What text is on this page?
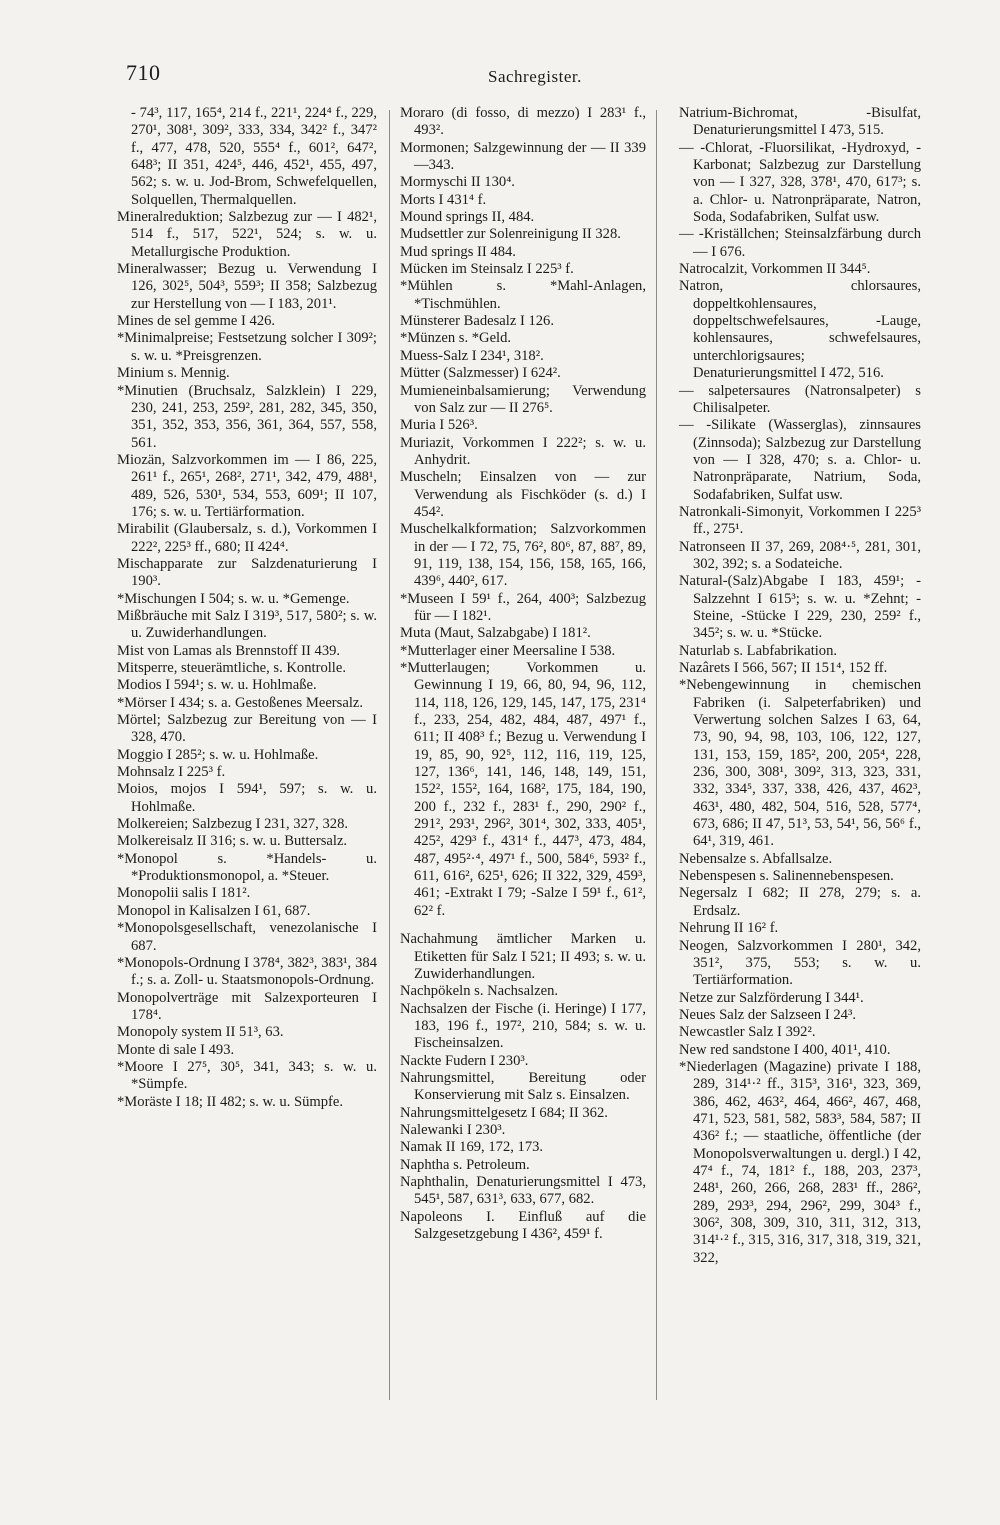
710	Sachregister.

- 74³, 117, 165⁴, 214 f., 221¹, 224⁴ f., 229, 270¹, 308¹, 309², 333, 334, 342² f., 347² f., 477, 478, 520, 555⁴ f., 601², 647², 648³; II 351, 424⁵, 446, 452¹, 455, 497, 562; s. w. u. Jod-Brom, Schwefelquellen, Solquellen, Thermalquellen.

Mineralreduktion; Salzbezug zur — I 482¹, 514 f., 517, 522¹, 524; s. w. u. Metallurgische Produktion.

Mineralwasser; Bezug u. Verwendung I 126, 302⁵, 504³, 559³; II 358; Salzbezug zur Herstellung von — I 183, 201¹.

Mines de sel gemme I 426.

*Minimalpreise; Festsetzung solcher I 309²; s. w. u. *Preisgrenzen.

Minium s. Mennig.

*Minutien (Bruchsalz, Salzklein) I 229, 230, 241, 253, 259², 281, 282, 345, 350, 351, 352, 353, 356, 361, 364, 557, 558, 561.

Miozän, Salzvorkommen im — I 86, 225, 261¹ f., 265¹, 268², 271¹, 342, 479, 488¹, 489, 526, 530¹, 534, 553, 609¹; II 107, 176; s. w. u. Tertiärformation.

Mirabilit (Glaubersalz, s. d.), Vorkommen I 222², 225³ ff., 680; II 424⁴.

Mischapparate zur Salzdenaturierung I 190³.

*Mischungen I 504; s. w. u. *Gemenge.

Mißbräuche mit Salz I 319³, 517, 580²; s. w. u. Zuwiderhandlungen.

Mist von Lamas als Brennstoff II 439.

Mitsperre, steuerämtliche, s. Kontrolle.

Modios I 594¹; s. w. u. Hohlmaße.

*Mörser I 434; s. a. Gestoßenes Meersalz.

Mörtel; Salzbezug zur Bereitung von — I 328, 470.

Moggio I 285²; s. w. u. Hohlmaße.

Mohnsalz I 225³ f.

Moios, mojos I 594¹, 597; s. w. u. Hohlmaße.

Molkereien; Salzbezug I 231, 327, 328.

Molkereisalz II 316; s. w. u. Buttersalz.

*Monopol s. *Handels- u. *Produktionsmonopol, a. *Steuer.

Monopolii salis I 181².

Monopol in Kalisalzen I 61, 687.

*Monopolsgesellschaft, venezolanische I 687.

*Monopols-Ordnung I 378⁴, 382³, 383¹, 384 f.; s. a. Zoll- u. Staatsmonopols-Ordnung.

Monopolverträge mit Salzexporteuren I 178⁴.

Monopoly system II 51³, 63.

Monte di sale I 493.

*Moore I 27⁵, 30⁵, 341, 343; s. w. u. *Sümpfe.

*Moräste I 18; II 482; s. w. u. Sümpfe.

Moraro (di fosso, di mezzo) I 283¹ f., 493².

Mormonen; Salzgewinnung der — II 339—343.

Mormyschi II 130⁴.

Morts I 431⁴ f.

Mound springs II, 484.

Mudsettler zur Solenreinigung II 328.

Mud springs II 484.

Mücken im Steinsalz I 225³ f.

*Mühlen s. *Mahl-Anlagen, *Tischmühlen.

Münsterer Badesalz I 126.

*Münzen s. *Geld.

Muess-Salz I 234¹, 318².

Mütter (Salzmesser) I 624².

Mumieneinbalsamierung; Verwendung von Salz zur — II 276⁵.

Muria I 526³.

Muriazit, Vorkommen I 222²; s. w. u. Anhydrit.

Muscheln; Einsalzen von — zur Verwendung als Fischköder (s. d.) I 454².

Muschelkalkformation; Salzvorkommen in der — I 72, 75, 76², 80⁶, 87, 88⁷, 89, 91, 119, 138, 154, 156, 158, 165, 166, 439⁶, 440², 617.

*Museen I 59¹ f., 264, 400³; Salzbezug für — I 182¹.

Muta (Maut, Salzabgabe) I 181².

*Mutterlager einer Meersaline I 538.

*Mutterlaugen; Vorkommen u. Gewinnung I 19, 66, 80, 94, 96, 112, 114, 118, 126, 129, 145, 147, 175, 231⁴ f., 233, 254, 482, 484, 487, 497¹ f., 611; II 408³ f.; Bezug u. Verwendung I 19, 85, 90, 92⁵, 112, 116, 119, 125, 127, 136⁶, 141, 146, 148, 149, 151, 152², 155², 164, 168², 175, 184, 190, 200 f., 232 f., 283¹ f., 290, 290² f., 291², 293¹, 296², 301⁴, 302, 333, 405¹, 425², 429³ f., 431⁴ f., 447³, 473, 484, 487, 495²·⁴, 497¹ f., 500, 584⁶, 593² f., 611, 616², 625¹, 626; II 322, 329, 459³, 461; -Extrakt I 79; -Salze I 59¹ f., 61², 62² f.

Nachahmung ämtlicher Marken u. Etiketten für Salz I 521; II 493; s. w. u. Zuwiderhandlungen.

Nachpökeln s. Nachsalzen.

Nachsalzen der Fische (i. Heringe) I 177, 183, 196 f., 197², 210, 584; s. w. u. Fischeinsalzen.

Nackte Fudern I 230³.

Nahrungsmittel, Bereitung oder Konservierung mit Salz s. Einsalzen.

Nahrungsmittelgesetz I 684; II 362.

Nalewanki I 230³.

Namak II 169, 172, 173.

Naphtha s. Petroleum.

Naphthalin, Denaturierungsmittel I 473, 545¹, 587, 631³, 633, 677, 682.

Napoleons I. Einfluß auf die Salzgesetzgebung I 436², 459¹ f.

Natrium-Bichromat, -Bisulfat, Denaturierungsmittel I 473, 515.

— -Chlorat, -Fluorsilikat, -Hydroxyd, -Karbonat; Salzbezug zur Darstellung von — I 327, 328, 378¹, 470, 617³; s. a. Chlor- u. Natronpräparate, Natron, Soda, Sodafabriken, Sulfat usw.

— -Kriställchen; Steinsalzfärbung durch — I 676.

Natrocalzit, Vorkommen II 344⁵.

Natron, chlorsaures, doppeltkohlensaures, doppeltschwefelsaures, -Lauge, kohlensaures, schwefelsaures, unterchlorigsaures; Denaturierungsmittel I 472, 516.

— salpetersaures (Natronsalpeter) s Chilisalpeter.

— -Silikate (Wasserglas), zinnsaures (Zinnsoda); Salzbezug zur Darstellung von — I 328, 470; s. a. Chlor- u. Natronpräparate, Natrium, Soda, Sodafabriken, Sulfat usw.

Natronkali-Simonyit, Vorkommen I 225³ ff., 275¹.

Natronseen II 37, 269, 208⁴·⁵, 281, 301, 302, 392; s. a Sodateiche.

Natural-(Salz)Abgabe I 183, 459¹; -Salzzehnt I 615³; s. w. u. *Zehnt; -Steine, -Stücke I 229, 230, 259² f., 345²; s. w. u. *Stücke.

Naturlab s. Labfabrikation.

Nazârets I 566, 567; II 151⁴, 152 ff.

*Nebengewinnung in chemischen Fabriken (i. Salpeterfabriken) und Verwertung solchen Salzes I 63, 64, 73, 90, 94, 98, 103, 106, 122, 127, 131, 153, 159, 185², 200, 205⁴, 228, 236, 300, 308¹, 309², 313, 323, 331, 332, 334⁵, 337, 338, 426, 437, 462³, 463¹, 480, 482, 504, 516, 528, 577⁴, 673, 686; II 47, 51³, 53, 54¹, 56, 56⁶ f., 64¹, 319, 461.

Nebensalze s. Abfallsalze.

Nebenspesen s. Salinennebenspesen.

Negersalz I 682; II 278, 279; s. a. Erdsalz.

Nehrung II 16² f.

Neogen, Salzvorkommen I 280¹, 342, 351², 375, 553; s. w. u. Tertiärformation.

Netze zur Salzförderung I 344¹.

Neues Salz der Salzseen I 24³.

Newcastler Salz I 392².

New red sandstone I 400, 401¹, 410.

*Niederlagen (Magazine) private I 188, 289, 314¹·² ff., 315³, 316¹, 323, 369, 386, 462, 463², 464, 466², 467, 468, 471, 523, 581, 582, 583³, 584, 587; II 436² f.; — staatliche, öffentliche (der Monopolsverwaltungen u. dergl.) I 42, 47⁴ f., 74, 181² f., 188, 203, 237³, 248¹, 260, 266, 268, 283¹ ff., 286², 289, 293³, 294, 296², 299, 304³ f., 306², 308, 309, 310, 311, 312, 313, 314¹·² f., 315, 316, 317, 318, 319, 321, 322,
